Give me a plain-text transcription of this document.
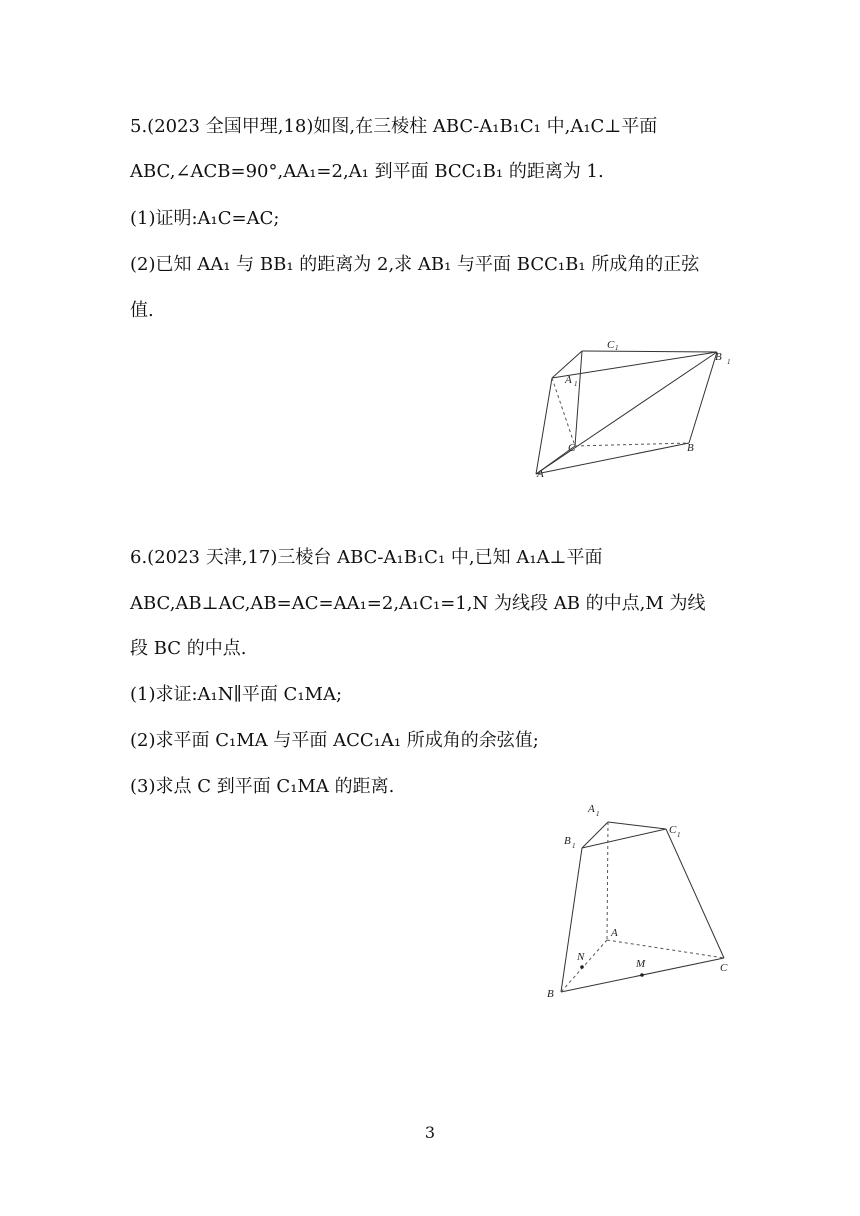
5.(2023 全国甲理,18)如图,在三棱柱 ABC-A₁B₁C₁ 中,A₁C⊥平面
ABC,∠ACB=90°,AA₁=2,A₁ 到平面 BCC₁B₁ 的距离为 1.
(1)证明:A₁C=AC;
(2)已知 AA₁ 与 BB₁ 的距离为 2,求 AB₁ 与平面 BCC₁B₁ 所成角的正弦
值.
C 1
B 1
A 1
C	B
A
6.(2023 天津,17)三棱台 ABC-A₁B₁C₁ 中,已知 A₁A⊥平面
ABC,AB⊥AC,AB=AC=AA₁=2,A₁C₁=1,N 为线段 AB 的中点,M 为线
段 BC 的中点.
(1)求证:A₁N∥平面 C₁MA;
(2)求平面 C₁MA 与平面 ACC₁A₁ 所成角的余弦值;
(3)求点 C 到平面 C₁MA 的距离.
A 1
C 1
B 1
A
N
M	C
B
3
